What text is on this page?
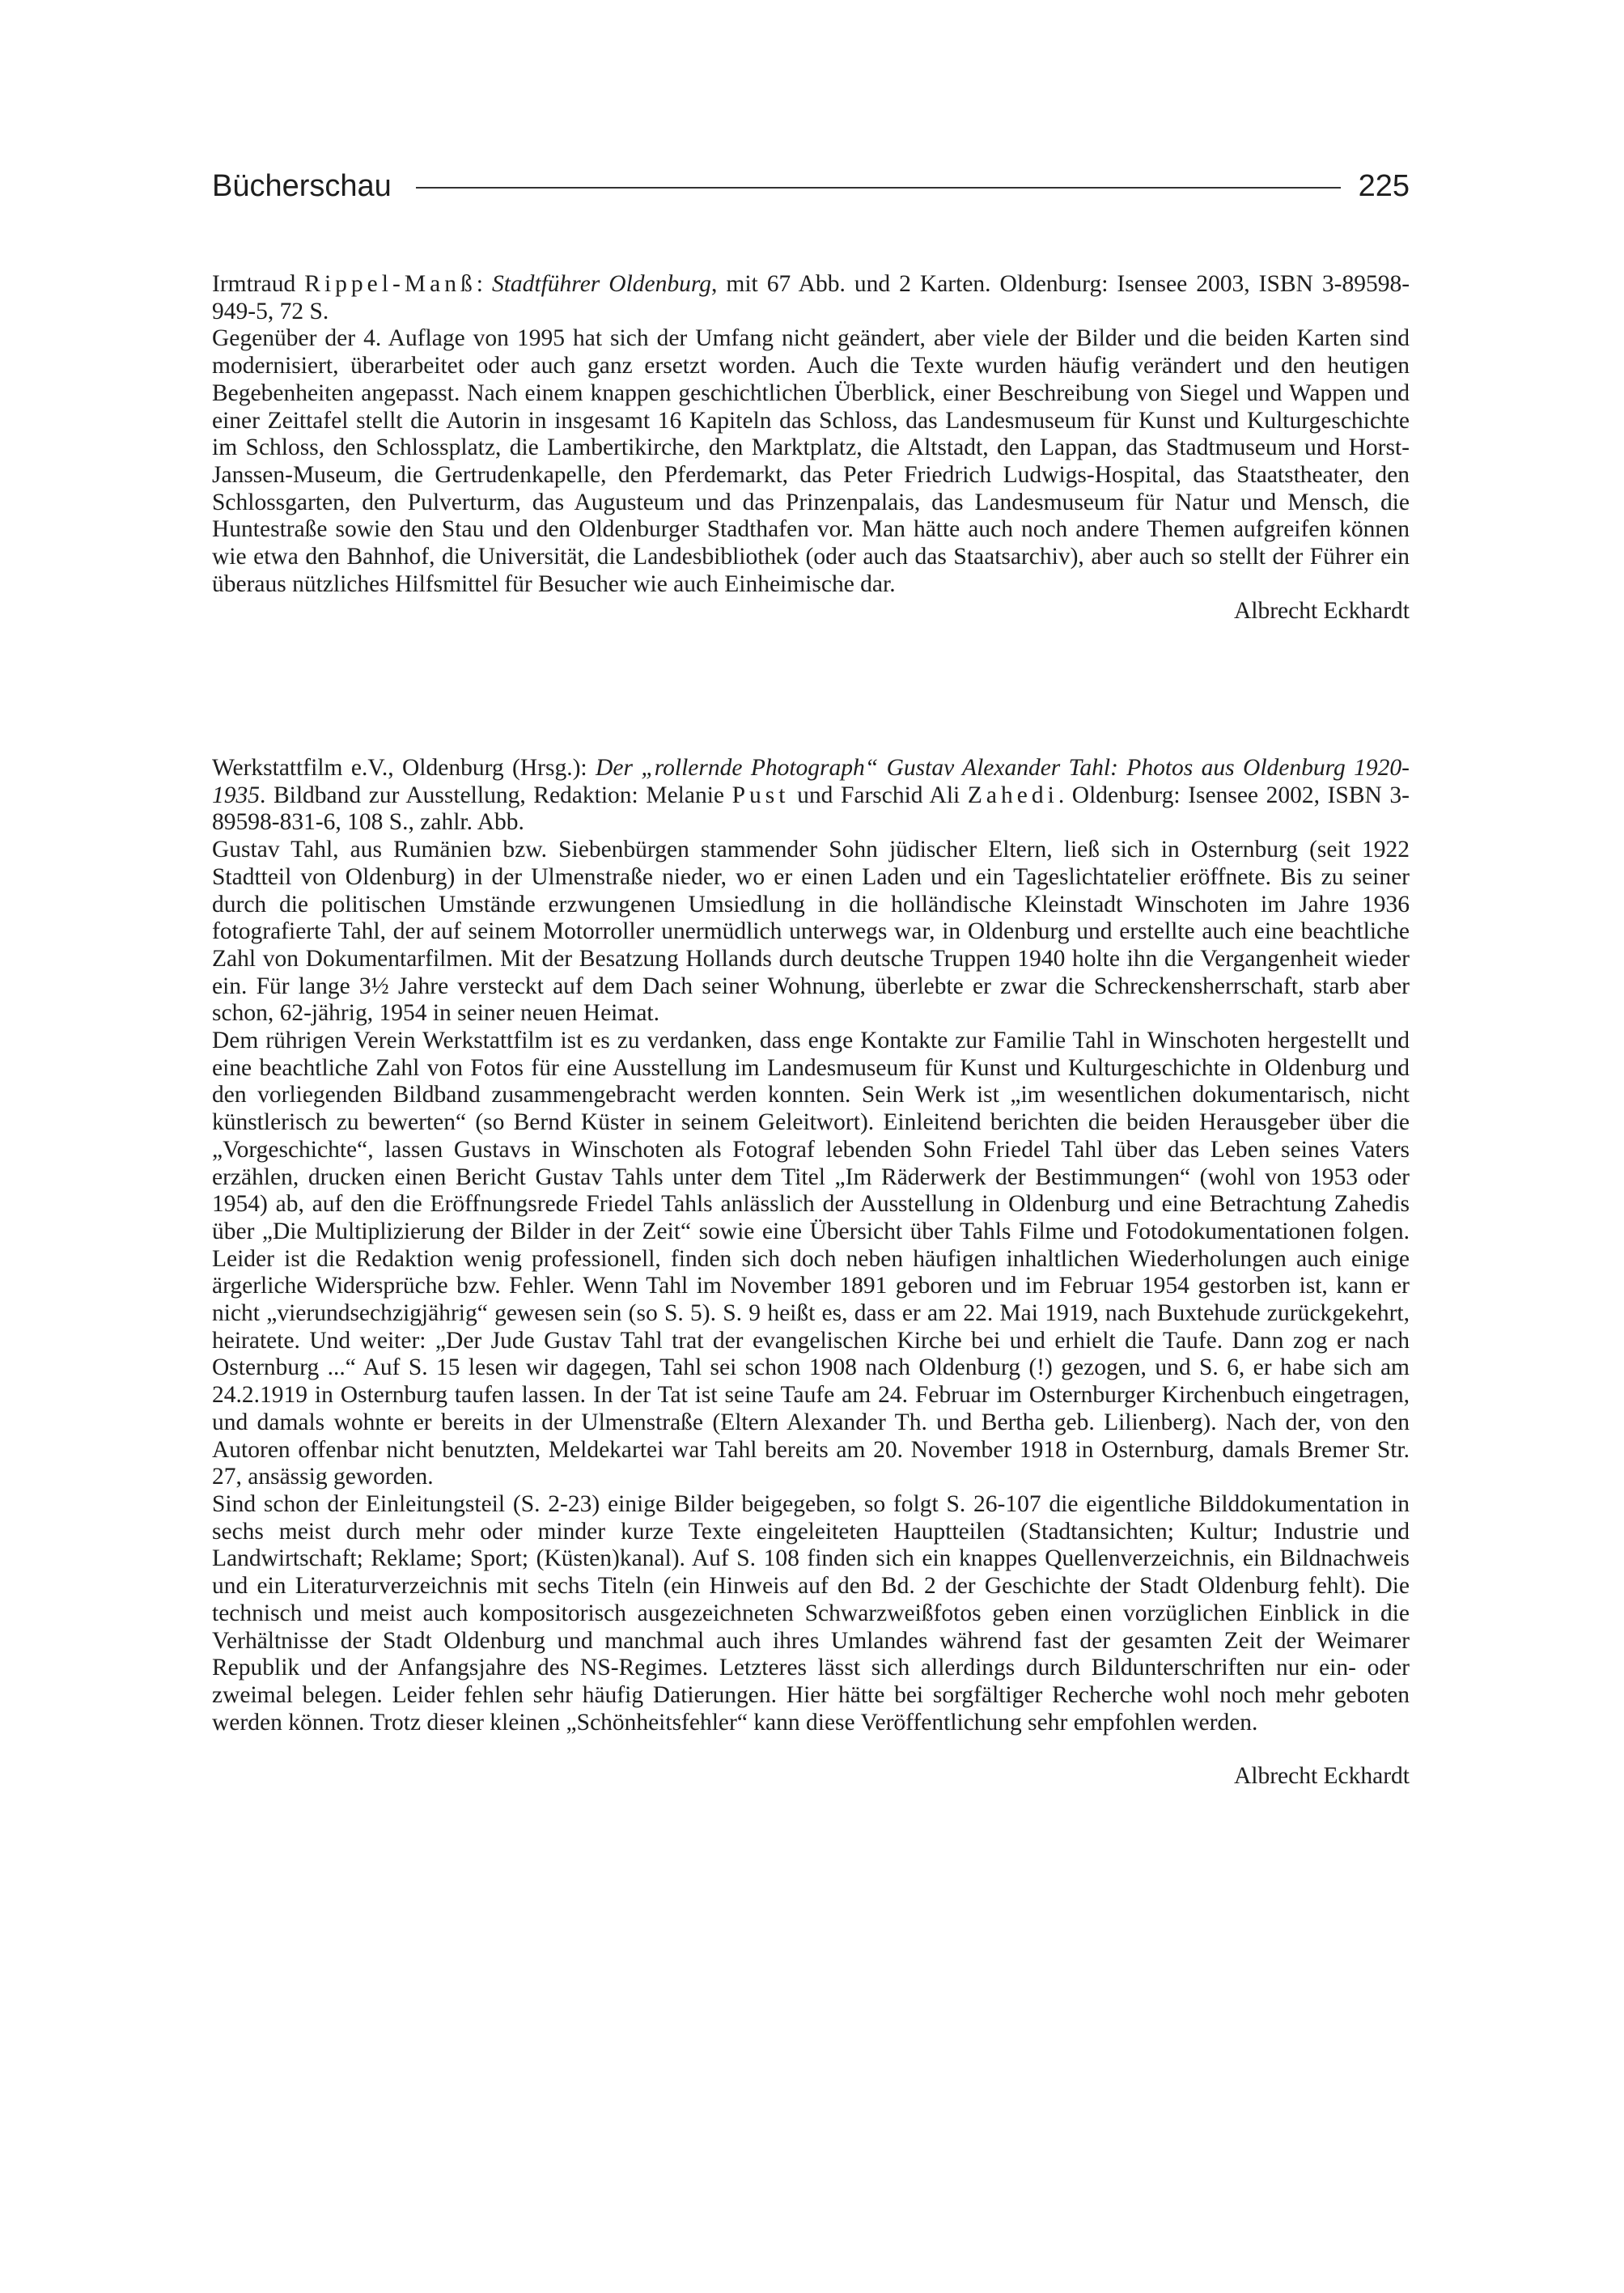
Bücherschau	225

Irmtraud Rippel-Manß: Stadtführer Oldenburg, mit 67 Abb. und 2 Karten. Oldenburg: Isensee 2003, ISBN 3-89598-949-5, 72 S.

Gegenüber der 4. Auflage von 1995 hat sich der Umfang nicht geändert, aber viele der Bilder und die beiden Karten sind modernisiert, überarbeitet oder auch ganz ersetzt worden. Auch die Texte wurden häufig verändert und den heutigen Begebenheiten angepasst. Nach einem knappen geschichtlichen Überblick, einer Beschreibung von Siegel und Wappen und einer Zeittafel stellt die Autorin in insgesamt 16 Kapiteln das Schloss, das Landesmuseum für Kunst und Kulturgeschichte im Schloss, den Schlossplatz, die Lambertikirche, den Marktplatz, die Altstadt, den Lappan, das Stadtmuseum und Horst-Janssen-Museum, die Gertrudenkapelle, den Pferdemarkt, das Peter Friedrich Ludwigs-Hospital, das Staatstheater, den Schlossgarten, den Pulverturm, das Augusteum und das Prinzenpalais, das Landesmuseum für Natur und Mensch, die Huntestraße sowie den Stau und den Oldenburger Stadthafen vor. Man hätte auch noch andere Themen aufgreifen können wie etwa den Bahnhof, die Universität, die Landesbibliothek (oder auch das Staatsarchiv), aber auch so stellt der Führer ein überaus nützliches Hilfsmittel für Besucher wie auch Einheimische dar.

Albrecht Eckhardt

Werkstattfilm e.V., Oldenburg (Hrsg.): Der „rollernde Photograph“ Gustav Alexander Tahl: Photos aus Oldenburg 1920-1935. Bildband zur Ausstellung, Redaktion: Melanie Pust und Farschid Ali Zahedi. Oldenburg: Isensee 2002, ISBN 3-89598-831-6, 108 S., zahlr. Abb.

Gustav Tahl, aus Rumänien bzw. Siebenbürgen stammender Sohn jüdischer Eltern, ließ sich in Osternburg (seit 1922 Stadtteil von Oldenburg) in der Ulmenstraße nieder, wo er einen Laden und ein Tageslichtatelier eröffnete. Bis zu seiner durch die politischen Umstände erzwungenen Umsiedlung in die holländische Kleinstadt Winschoten im Jahre 1936 fotografierte Tahl, der auf seinem Motorroller unermüdlich unterwegs war, in Oldenburg und erstellte auch eine beachtliche Zahl von Dokumentarfilmen. Mit der Besatzung Hollands durch deutsche Truppen 1940 holte ihn die Vergangenheit wieder ein. Für lange 3½ Jahre versteckt auf dem Dach seiner Wohnung, überlebte er zwar die Schreckensherrschaft, starb aber schon, 62-jährig, 1954 in seiner neuen Heimat.

Dem rührigen Verein Werkstattfilm ist es zu verdanken, dass enge Kontakte zur Familie Tahl in Winschoten hergestellt und eine beachtliche Zahl von Fotos für eine Ausstellung im Landesmuseum für Kunst und Kulturgeschichte in Oldenburg und den vorliegenden Bildband zusammengebracht werden konnten. Sein Werk ist „im wesentlichen dokumentarisch, nicht künstlerisch zu bewerten“ (so Bernd Küster in seinem Geleitwort). Einleitend berichten die beiden Herausgeber über die „Vorgeschichte“, lassen Gustavs in Winschoten als Fotograf lebenden Sohn Friedel Tahl über das Leben seines Vaters erzählen, drucken einen Bericht Gustav Tahls unter dem Titel „Im Räderwerk der Bestimmungen“ (wohl von 1953 oder 1954) ab, auf den die Eröffnungsrede Friedel Tahls anlässlich der Ausstellung in Oldenburg und eine Betrachtung Zahedis über „Die Multiplizierung der Bilder in der Zeit“ sowie eine Übersicht über Tahls Filme und Fotodokumentationen folgen. Leider ist die Redaktion wenig professionell, finden sich doch neben häufigen inhaltlichen Wiederholungen auch einige ärgerliche Widersprüche bzw. Fehler. Wenn Tahl im November 1891 geboren und im Februar 1954 gestorben ist, kann er nicht „vierundsechzigjährig“ gewesen sein (so S. 5). S. 9 heißt es, dass er am 22. Mai 1919, nach Buxtehude zurückgekehrt, heiratete. Und weiter: „Der Jude Gustav Tahl trat der evangelischen Kirche bei und erhielt die Taufe. Dann zog er nach Osternburg ...“ Auf S. 15 lesen wir dagegen, Tahl sei schon 1908 nach Oldenburg (!) gezogen, und S. 6, er habe sich am 24.2.1919 in Osternburg taufen lassen. In der Tat ist seine Taufe am 24. Februar im Osternburger Kirchenbuch eingetragen, und damals wohnte er bereits in der Ulmenstraße (Eltern Alexander Th. und Bertha geb. Lilienberg). Nach der, von den Autoren offenbar nicht benutzten, Meldekartei war Tahl bereits am 20. November 1918 in Osternburg, damals Bremer Str. 27, ansässig geworden.

Sind schon der Einleitungsteil (S. 2-23) einige Bilder beigegeben, so folgt S. 26-107 die eigentliche Bilddokumentation in sechs meist durch mehr oder minder kurze Texte eingeleiteten Hauptteilen (Stadtansichten; Kultur; Industrie und Landwirtschaft; Reklame; Sport; (Küsten)kanal). Auf S. 108 finden sich ein knappes Quellenverzeichnis, ein Bildnachweis und ein Literaturverzeichnis mit sechs Titeln (ein Hinweis auf den Bd. 2 der Geschichte der Stadt Oldenburg fehlt). Die technisch und meist auch kompositorisch ausgezeichneten Schwarzweißfotos geben einen vorzüglichen Einblick in die Verhältnisse der Stadt Oldenburg und manchmal auch ihres Umlandes während fast der gesamten Zeit der Weimarer Republik und der Anfangsjahre des NS-Regimes. Letzteres lässt sich allerdings durch Bildunterschriften nur ein- oder zweimal belegen. Leider fehlen sehr häufig Datierungen. Hier hätte bei sorgfältiger Recherche wohl noch mehr geboten werden können. Trotz dieser kleinen „Schönheitsfehler“ kann diese Veröffentlichung sehr empfohlen werden.

Albrecht Eckhardt
